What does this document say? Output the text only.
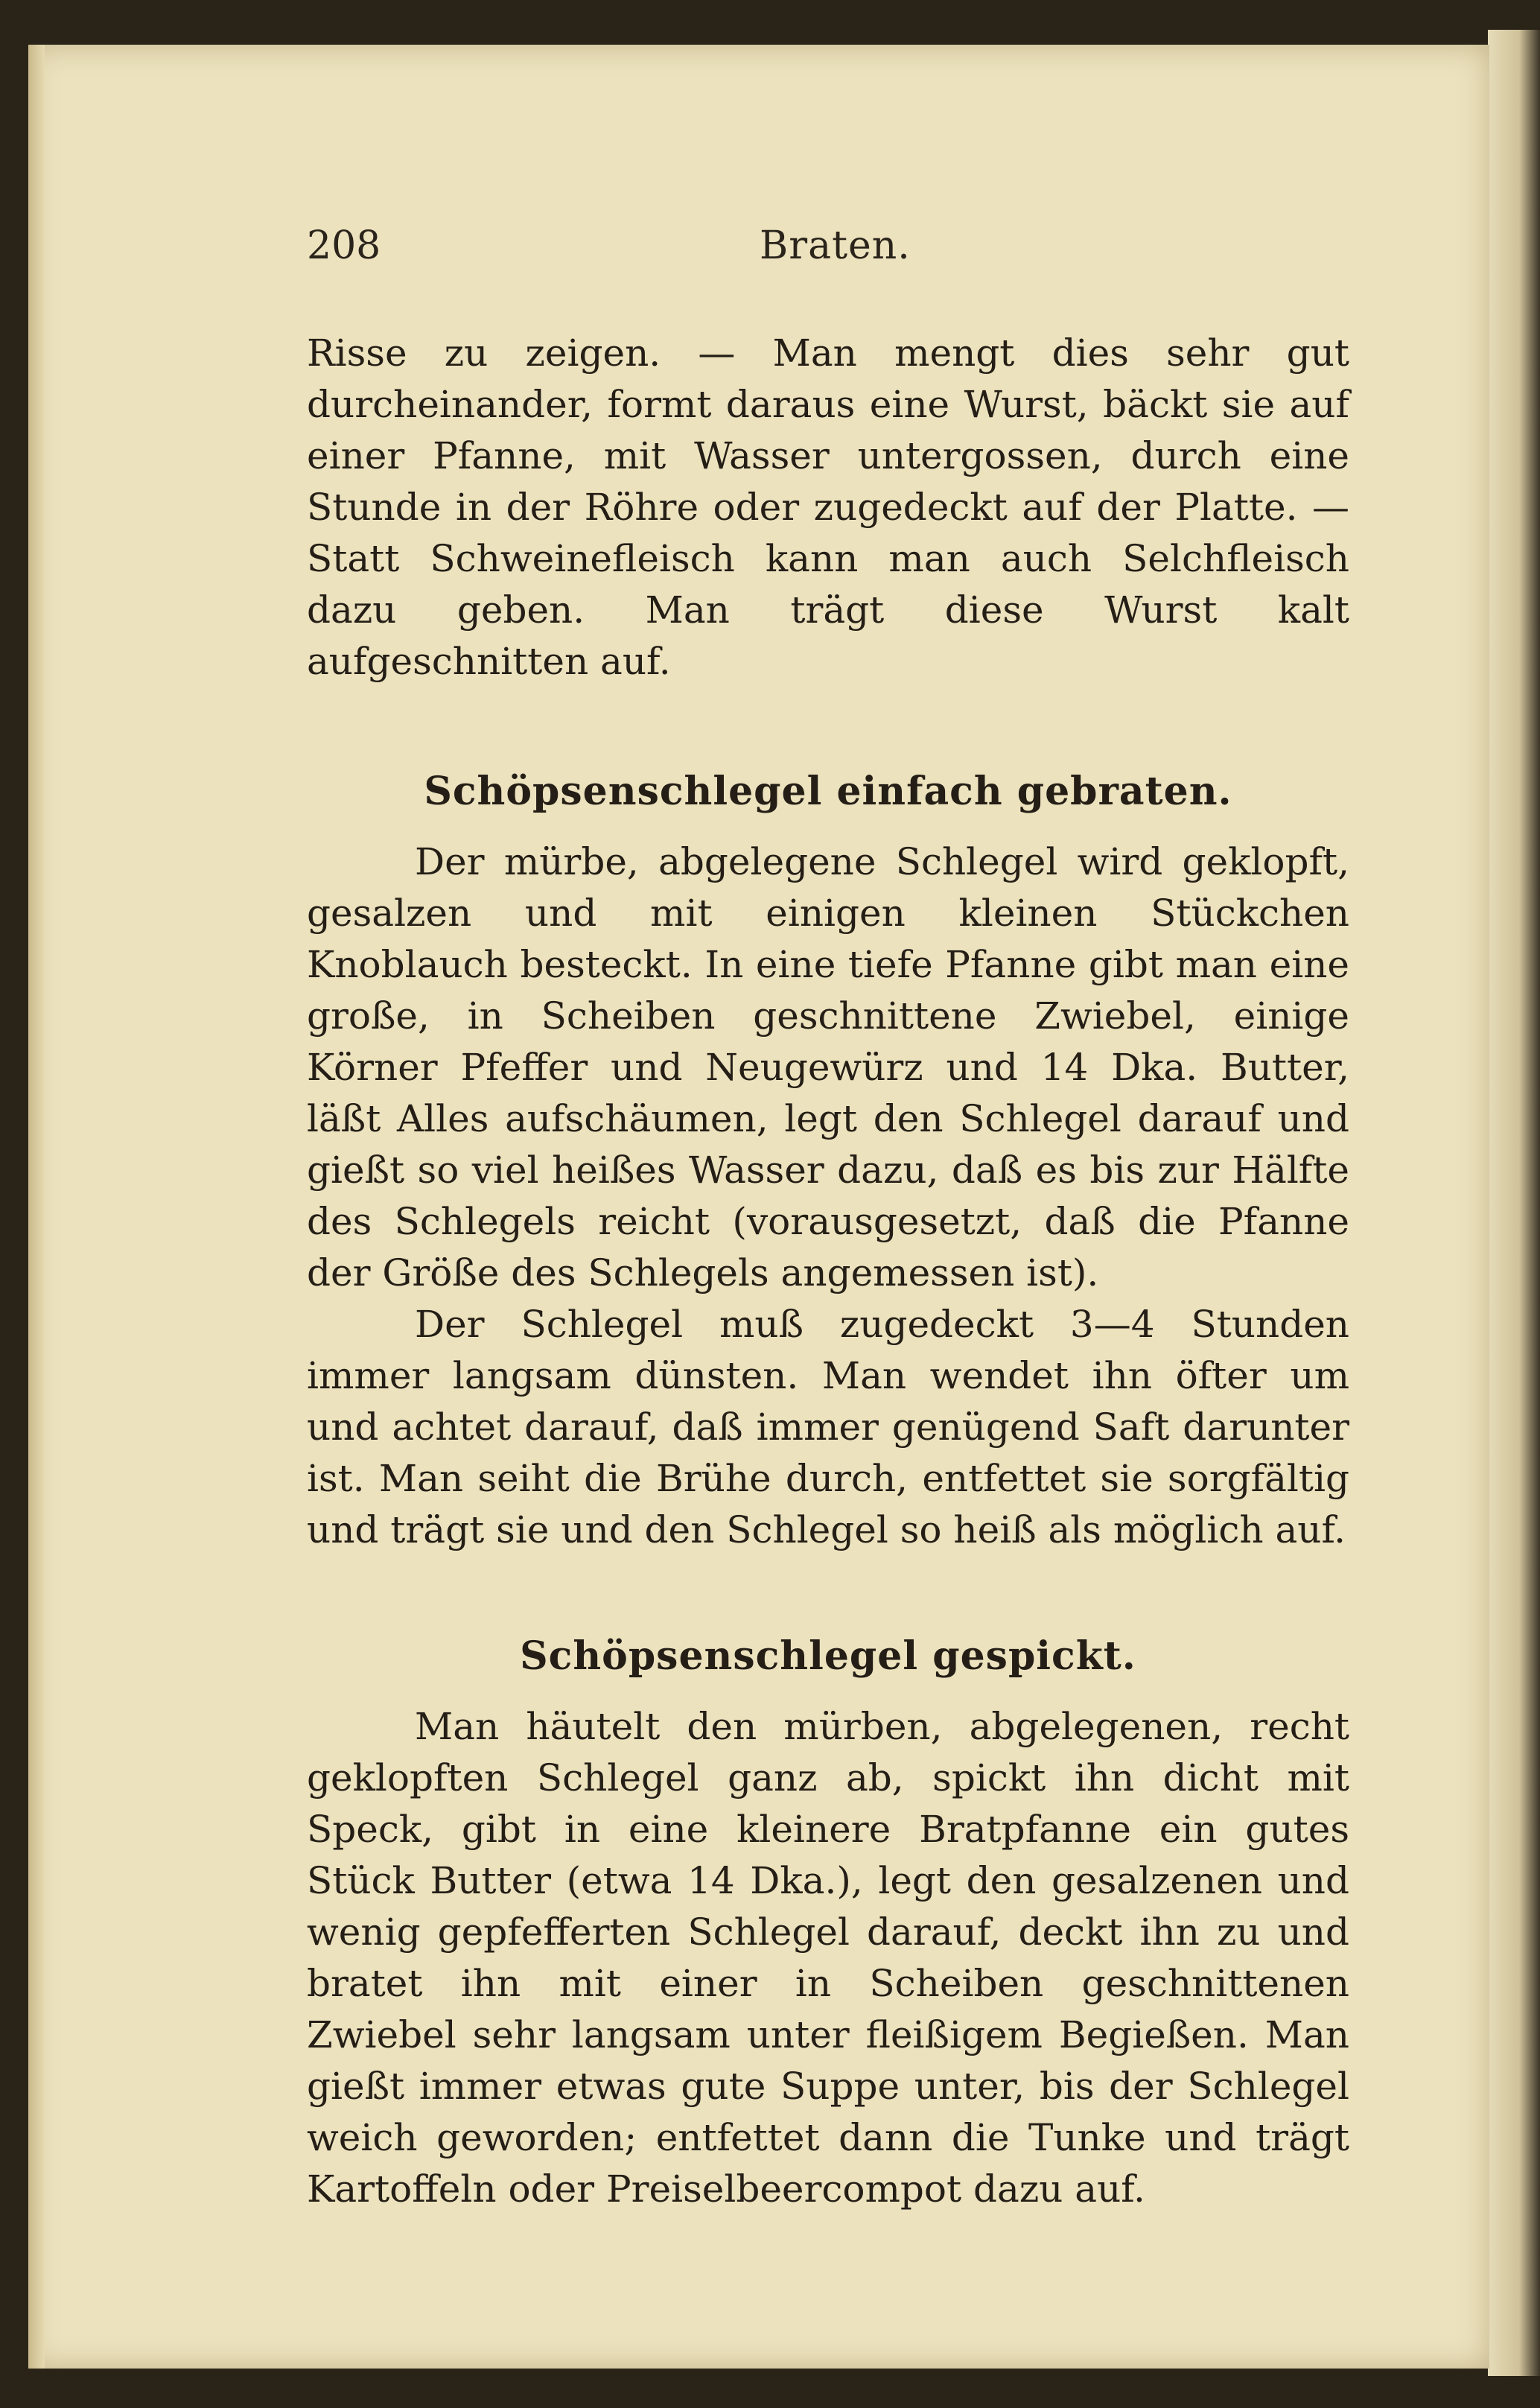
208	Braten.

Risse zu zeigen. — Man mengt dies sehr gut durcheinander, formt daraus eine Wurst, bäckt sie auf einer Pfanne, mit Wasser untergossen, durch eine Stunde in der Röhre oder zugedeckt auf der Platte. — Statt Schweinefleisch kann man auch Selchfleisch dazu geben. Man trägt diese Wurst kalt aufgeschnitten auf.

Schöpsenschlegel einfach gebraten.

Der mürbe, abgelegene Schlegel wird geklopft, gesalzen und mit einigen kleinen Stückchen Knoblauch besteckt. In eine tiefe Pfanne gibt man eine große, in Scheiben geschnittene Zwiebel, einige Körner Pfeffer und Neugewürz und 14 Dka. Butter, läßt Alles aufschäumen, legt den Schlegel darauf und gießt so viel heißes Wasser dazu, daß es bis zur Hälfte des Schlegels reicht (vorausgesetzt, daß die Pfanne der Größe des Schlegels angemessen ist).

Der Schlegel muß zugedeckt 3—4 Stunden immer langsam dünsten. Man wendet ihn öfter um und achtet darauf, daß immer genügend Saft darunter ist. Man seiht die Brühe durch, entfettet sie sorgfältig und trägt sie und den Schlegel so heiß als möglich auf.

Schöpsenschlegel gespickt.

Man häutelt den mürben, abgelegenen, recht geklopften Schlegel ganz ab, spickt ihn dicht mit Speck, gibt in eine kleinere Bratpfanne ein gutes Stück Butter (etwa 14 Dka.), legt den gesalzenen und wenig gepfefferten Schlegel darauf, deckt ihn zu und bratet ihn mit einer in Scheiben geschnittenen Zwiebel sehr langsam unter fleißigem Begießen. Man gießt immer etwas gute Suppe unter, bis der Schlegel weich geworden; entfettet dann die Tunke und trägt Kartoffeln oder Preiselbeercompot dazu auf.
